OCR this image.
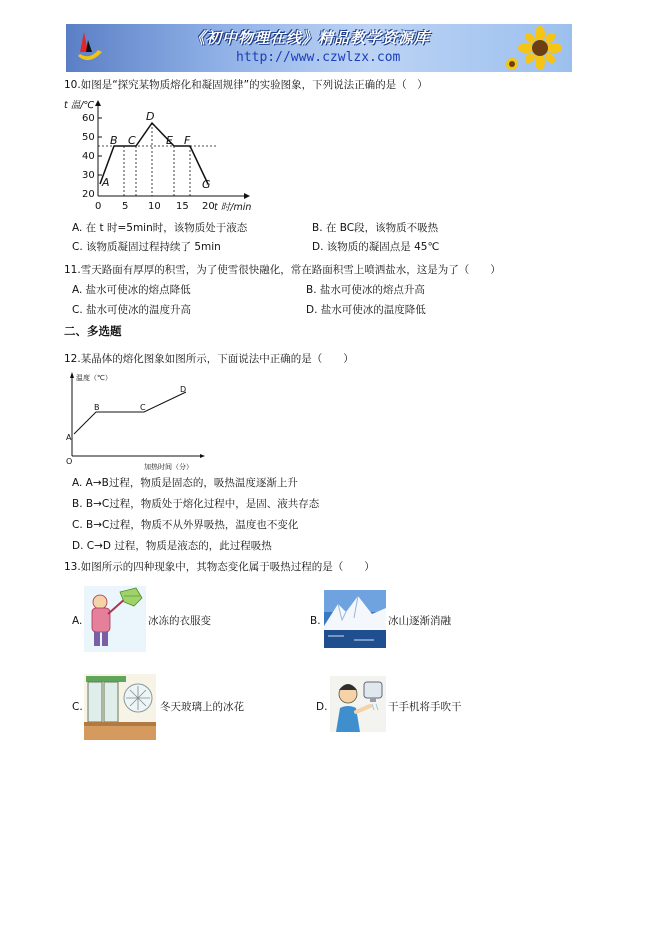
《初中物理在线》精品教学资源库
http://www.czwlzx.com
10.如图是“探究某物质熔化和凝固规律”的实验图象，下列说法正确的是（　）
60
50
40
30
20
0 5 10 15 20
t 温/℃
t 时/min
A
B C
D
E F
G
A. 在 t 时=5min时，该物质处于液态	B. 在 BC段，该物质不吸热
C. 该物质凝固过程持续了 5min	D. 该物质的凝固点是 45℃
11.雪天路面有厚厚的积雪，为了使雪很快融化，常在路面积雪上喷洒盐水，这是为了（　　）
A. 盐水可使冰的熔点降低	B. 盐水可使冰的熔点升高
C. 盐水可使冰的温度升高	D. 盐水可使冰的温度降低
二、多选题
12.某晶体的熔化图象如图所示，下面说法中正确的是（　　）
温度（℃）
加热时间（分）
O
A
B	C
D
A. A→B过程，物质是固态的，吸热温度逐渐上升
B. B→C过程，物质处于熔化过程中，是固、液共存态
C. B→C过程，物质不从外界吸热，温度也不变化
D. C→D 过程，物质是液态的，此过程吸热
13.如图所示的四种现象中，其物态变化属于吸热过程的是（　　）
A.	冰冻的衣服变	B.	冰山逐渐消融
C.	冬天玻璃上的冰花	D.	干手机将手吹干
